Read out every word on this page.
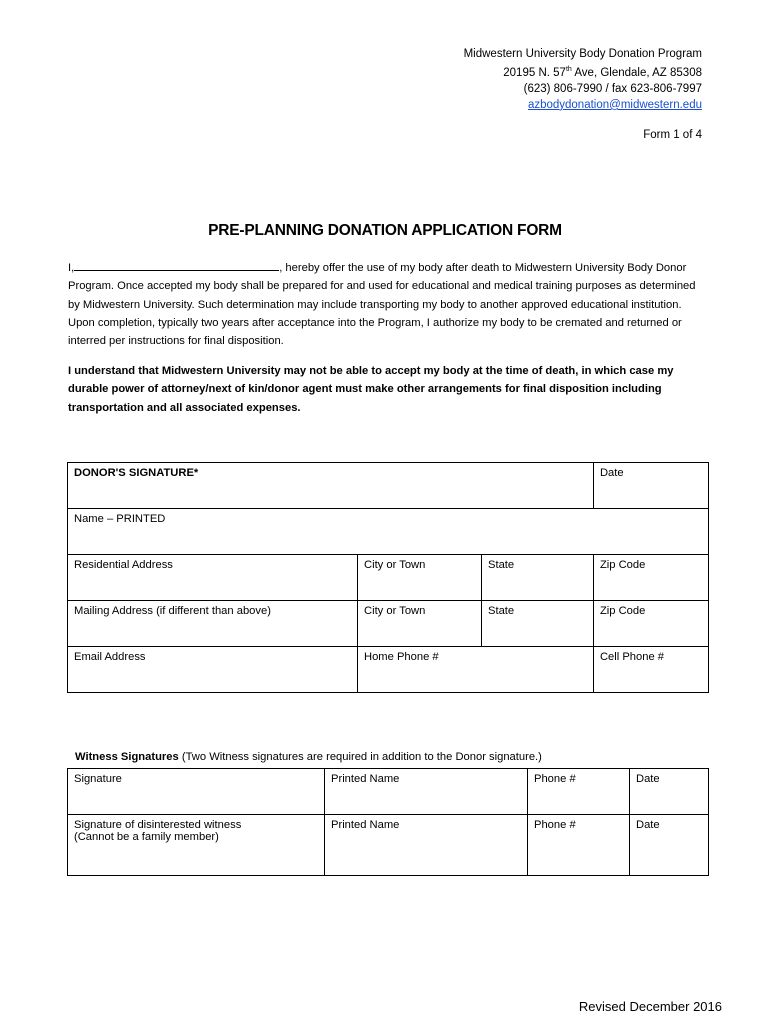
Midwestern University Body Donation Program
20195 N. 57th Ave, Glendale, AZ 85308
(623) 806-7990 / fax 623-806-7997
azbodydonation@midwestern.edu
Form 1 of 4
PRE-PLANNING DONATION APPLICATION FORM
I,	, hereby offer the use of my body after death to Midwestern University Body Donor Program. Once accepted my body shall be prepared for and used for educational and medical training purposes as determined by Midwestern University. Such determination may include transporting my body to another approved educational institution. Upon completion, typically two years after acceptance into the Program, I authorize my body to be cremated and returned or interred per instructions for final disposition.
I understand that Midwestern University may not be able to accept my body at the time of death, in which case my durable power of attorney/next of kin/donor agent must make other arrangements for final disposition including transportation and all associated expenses.
DONOR'S SIGNATURE*			Date
Name – PRINTED			
Residential Address	City or Town	State	Zip Code
Mailing Address (if different than above)	City or Town	State	Zip Code
Email Address	Home Phone #		Cell Phone #
Witness Signatures (Two Witness signatures are required in addition to the Donor signature.)
Signature	Printed Name	Phone #	Date

Signature of disinterested witness
(Cannot be a family member)	Printed Name	Phone #	Date
Revised December 2016
